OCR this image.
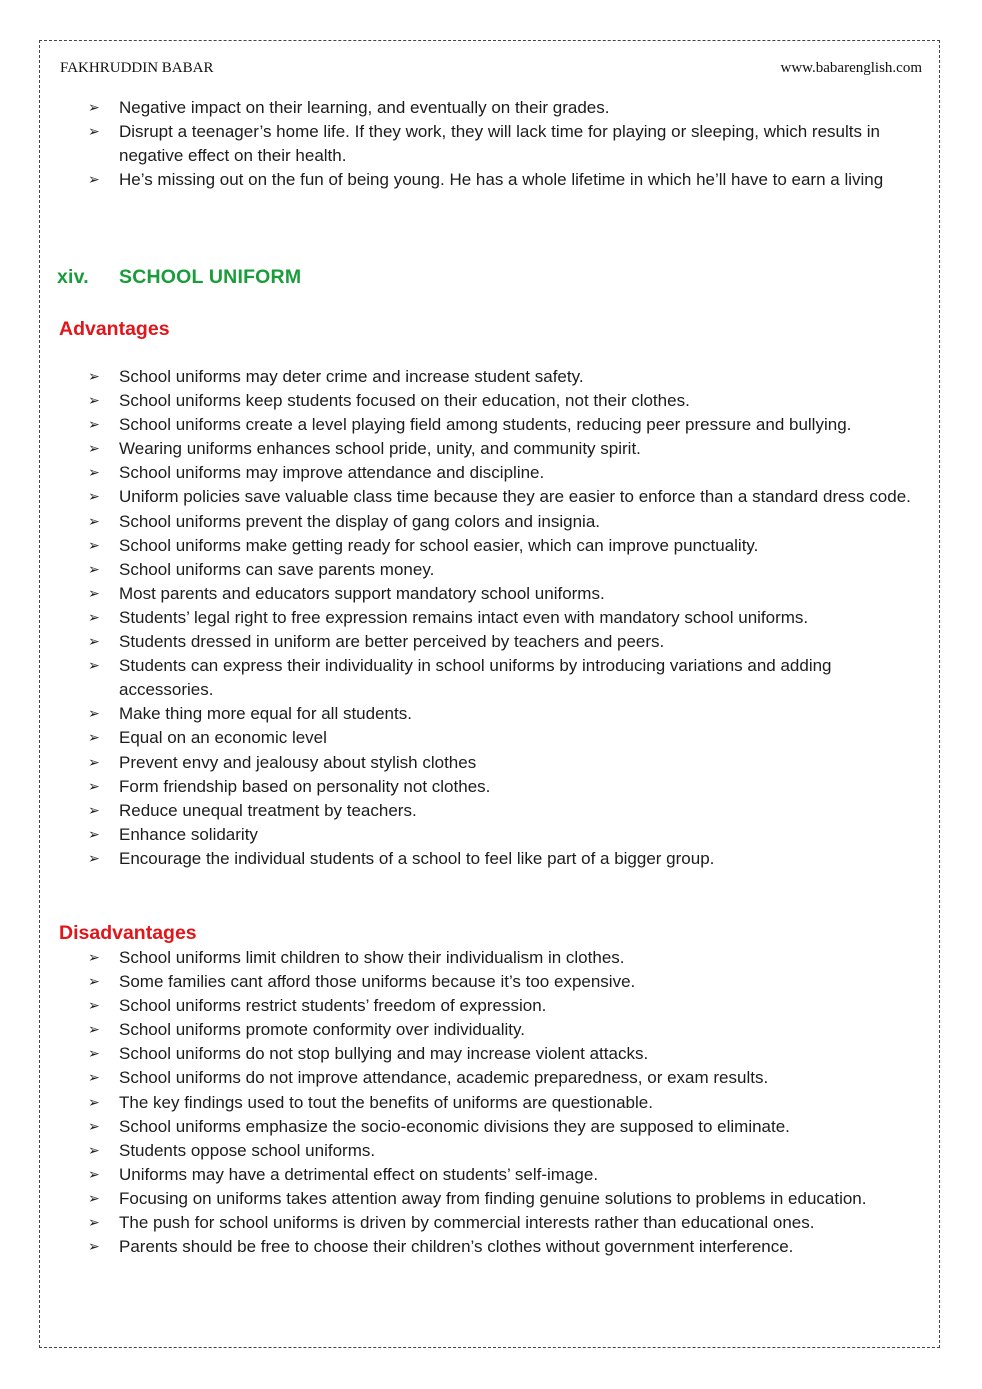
FAKHRUDDIN BABAR	www.babarenglish.com
➢ Negative impact on their learning, and eventually on their grades.
➢ Disrupt a teenager’s home life. If they work, they will lack time for playing or sleeping, which results in negative effect on their health.
➢ He’s missing out on the fun of being young. He has a whole lifetime in which he’ll have to earn a living
xiv. SCHOOL UNIFORM
Advantages
➢ School uniforms may deter crime and increase student safety.
➢ School uniforms keep students focused on their education, not their clothes.
➢ School uniforms create a level playing field among students, reducing peer pressure and bullying.
➢ Wearing uniforms enhances school pride, unity, and community spirit.
➢ School uniforms may improve attendance and discipline.
➢ Uniform policies save valuable class time because they are easier to enforce than a standard dress code.
➢ School uniforms prevent the display of gang colors and insignia.
➢ School uniforms make getting ready for school easier, which can improve punctuality.
➢ School uniforms can save parents money.
➢ Most parents and educators support mandatory school uniforms.
➢ Students’ legal right to free expression remains intact even with mandatory school uniforms.
➢ Students dressed in uniform are better perceived by teachers and peers.
➢ Students can express their individuality in school uniforms by introducing variations and adding accessories.
➢ Make thing more equal for all students.
➢ Equal on an economic level
➢ Prevent envy and jealousy about stylish clothes
➢ Form friendship based on personality not clothes.
➢ Reduce unequal treatment by teachers.
➢ Enhance solidarity
➢ Encourage the individual students of a school to feel like part of a bigger group.
Disadvantages
➢ School uniforms limit children to show their individualism in clothes.
➢ Some families cant afford those uniforms because it’s too expensive.
➢ School uniforms restrict students’ freedom of expression.
➢ School uniforms promote conformity over individuality.
➢ School uniforms do not stop bullying and may increase violent attacks.
➢ School uniforms do not improve attendance, academic preparedness, or exam results.
➢ The key findings used to tout the benefits of uniforms are questionable.
➢ School uniforms emphasize the socio-economic divisions they are supposed to eliminate.
➢ Students oppose school uniforms.
➢ Uniforms may have a detrimental effect on students’ self-image.
➢ Focusing on uniforms takes attention away from finding genuine solutions to problems in education.
➢ The push for school uniforms is driven by commercial interests rather than educational ones.
➢ Parents should be free to choose their children’s clothes without government interference.
